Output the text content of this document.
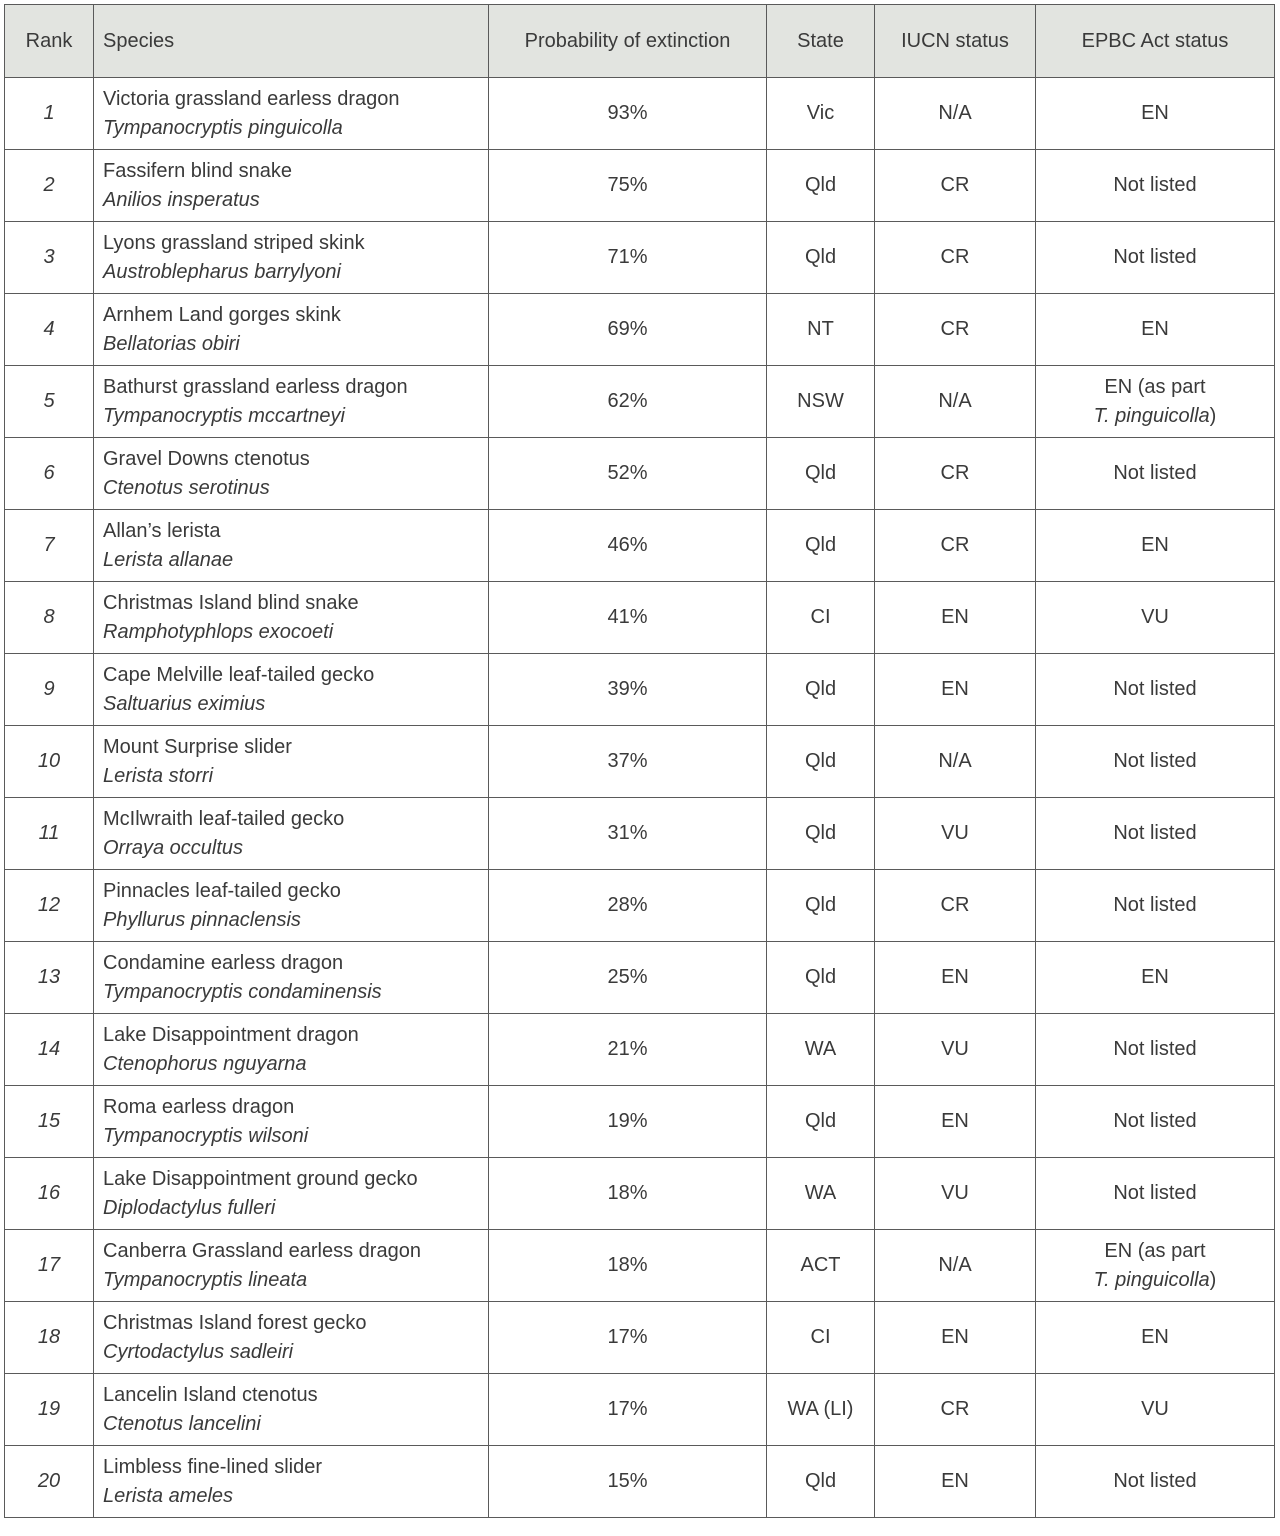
Rank	Species	Probability of extinction	State	IUCN status	EPBC Act status
1	Victoria grassland earless dragon
Tympanocryptis pinguicolla	93%	Vic	N/A	EN
2	Fassifern blind snake
Anilios insperatus	75%	Qld	CR	Not listed
3	Lyons grassland striped skink
Austroblepharus barrylyoni	71%	Qld	CR	Not listed
4	Arnhem Land gorges skink
Bellatorias obiri	69%	NT	CR	EN
5	Bathurst grassland earless dragon
Tympanocryptis mccartneyi	62%	NSW	N/A	EN (as part
T. pinguicolla)

6	Gravel Downs ctenotus
Ctenotus serotinus	52%	Qld	CR	Not listed
7	Allan’s lerista
Lerista allanae	46%	Qld	CR	EN
8	Christmas Island blind snake
Ramphotyphlops exocoeti	41%	CI	EN	VU
9	Cape Melville leaf-tailed gecko
Saltuarius eximius	39%	Qld	EN	Not listed
10	Mount Surprise slider
Lerista storri	37%	Qld	N/A	Not listed
11	McIlwraith leaf-tailed gecko
Orraya occultus	31%	Qld	VU	Not listed
12	Pinnacles leaf-tailed gecko
Phyllurus pinnaclensis	28%	Qld	CR	Not listed
13	Condamine earless dragon
Tympanocryptis condaminensis	25%	Qld	EN	EN
14	Lake Disappointment dragon
Ctenophorus nguyarna	21%	WA	VU	Not listed
15	Roma earless dragon
Tympanocryptis wilsoni	19%	Qld	EN	Not listed
16	Lake Disappointment ground gecko
Diplodactylus fulleri	18%	WA	VU	Not listed
17	Canberra Grassland earless dragon
Tympanocryptis lineata	18%	ACT	N/A	EN (as part
T. pinguicolla)

18	Christmas Island forest gecko
Cyrtodactylus sadleiri	17%	CI	EN	EN
19	Lancelin Island ctenotus
Ctenotus lancelini	17%	WA (LI)	CR	VU
20	Limbless fine-lined slider
Lerista ameles	15%	Qld	EN	Not listed
